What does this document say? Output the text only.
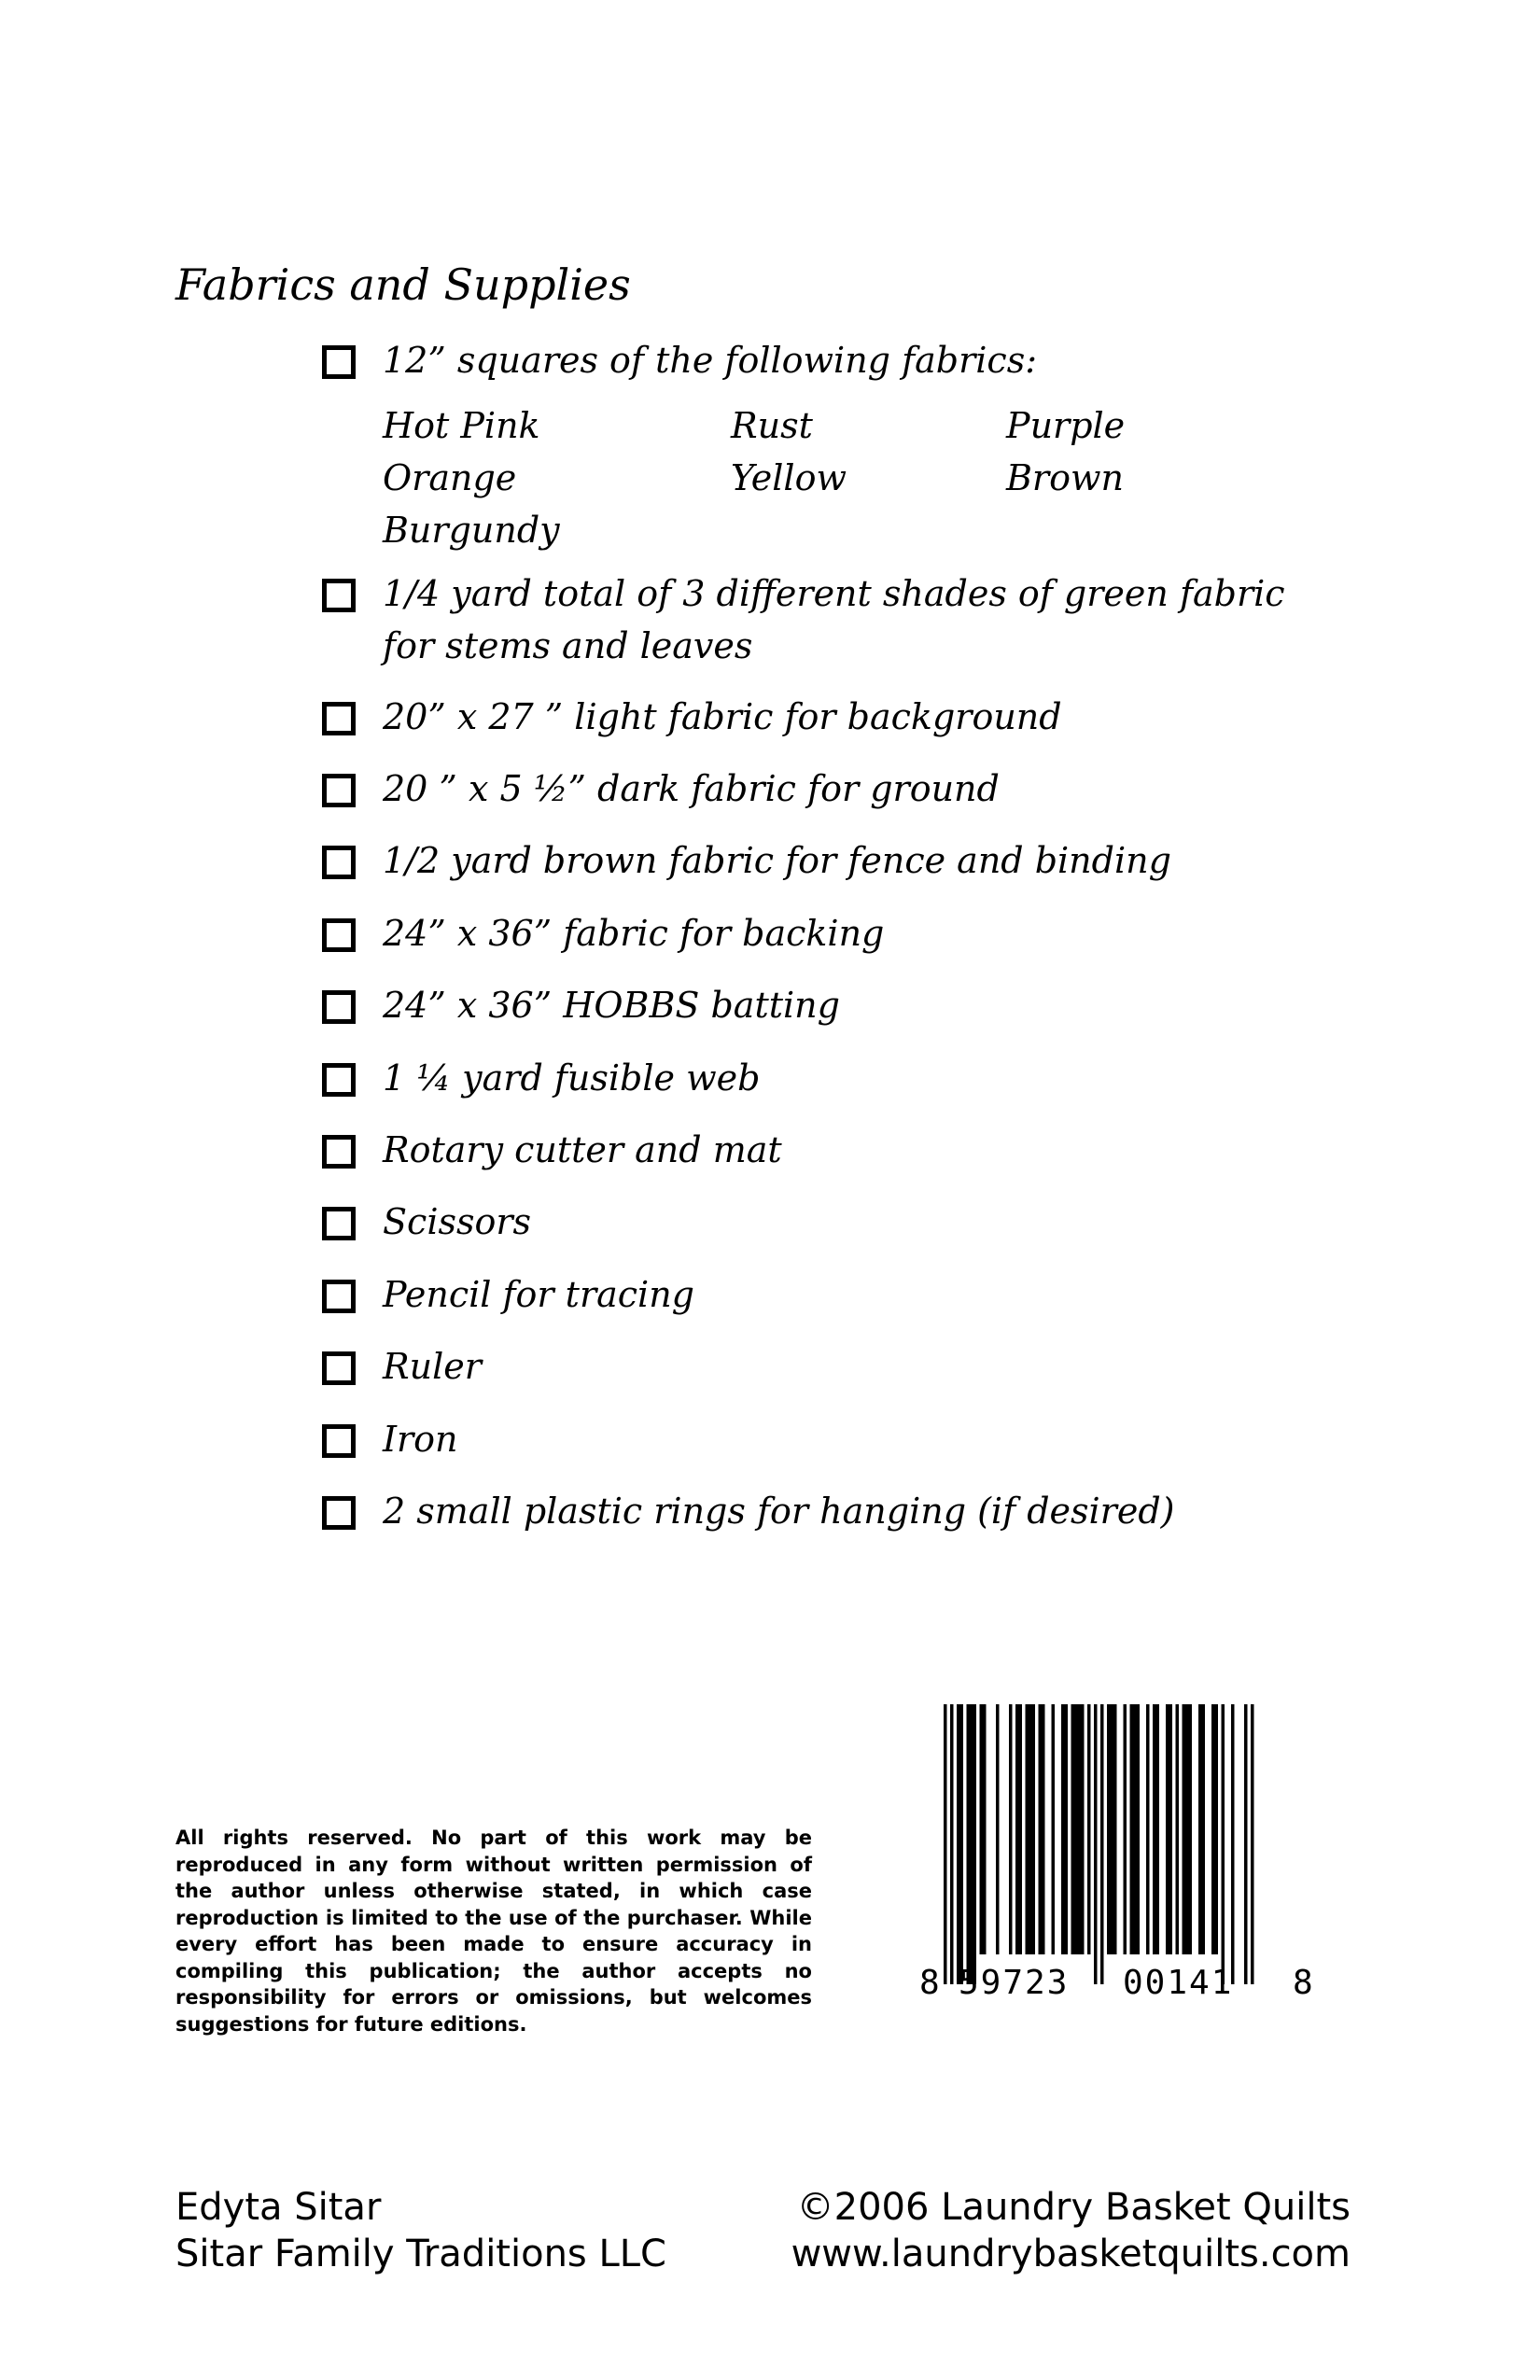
Fabrics and Supplies
12” squares of the following fabrics:
Hot Pink	Rust	Purple
Orange	Yellow	Brown
Burgundy
1/4 yard total of 3 different shades of green fabric for stems and leaves
20” x 27 ” light fabric for background
20 ” x 5 ½” dark fabric for ground
1/2 yard brown fabric for fence and binding
24” x 36” fabric for backing
24” x 36” HOBBS batting
1 ¼ yard fusible web
Rotary cutter and mat
Scissors
Pencil for tracing
Ruler
Iron
2 small plastic rings for hanging (if desired)
All rights reserved. No part of this work may be reproduced in any form without written permission of the author unless otherwise stated, in which case reproduction is limited to the use of the purchaser. While every effort has been made to ensure accuracy in compiling this publication; the author accepts no responsibility for errors or omissions, but welcomes suggestions for future editions.
8 59723 00141 8
Edyta Sitar
Sitar Family Traditions LLC
©2006 Laundry Basket Quilts
www.laundrybasketquilts.com
